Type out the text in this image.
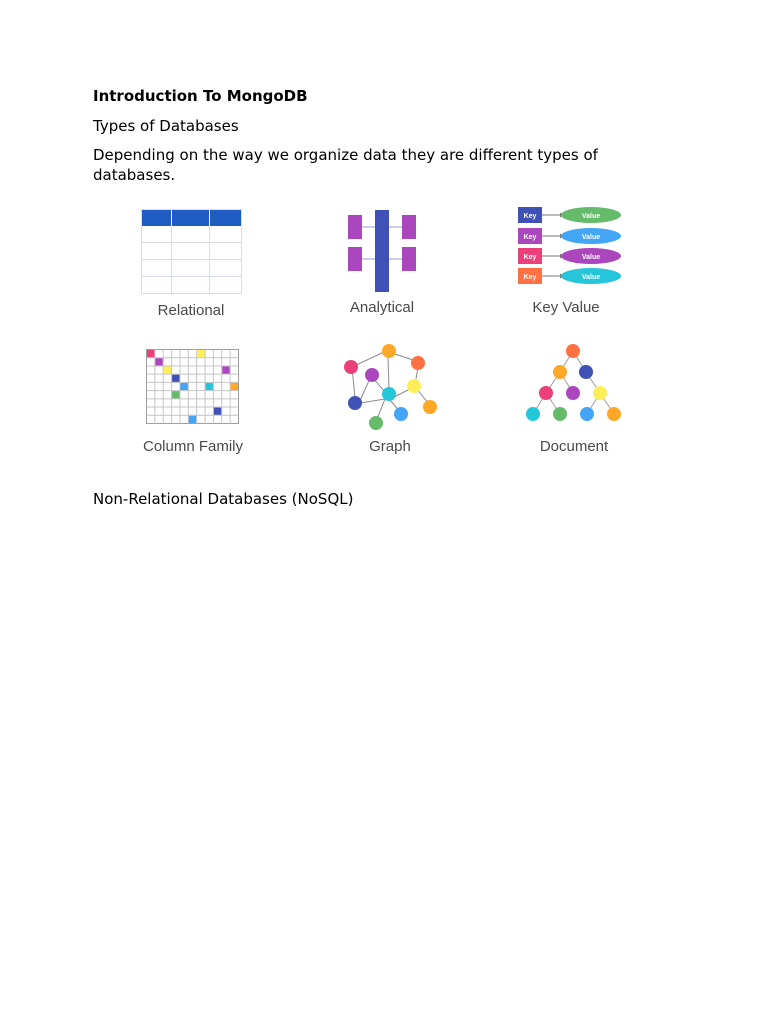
Introduction To MongoDB
Types of Databases
Depending on the way we organize data they are different types of databases.
Relational	Analytical
Key	Value
Key	Value
Key	Value
Key	Value
Key Value
Column Family	Graph	Document
Non-Relational Databases (NoSQL)
